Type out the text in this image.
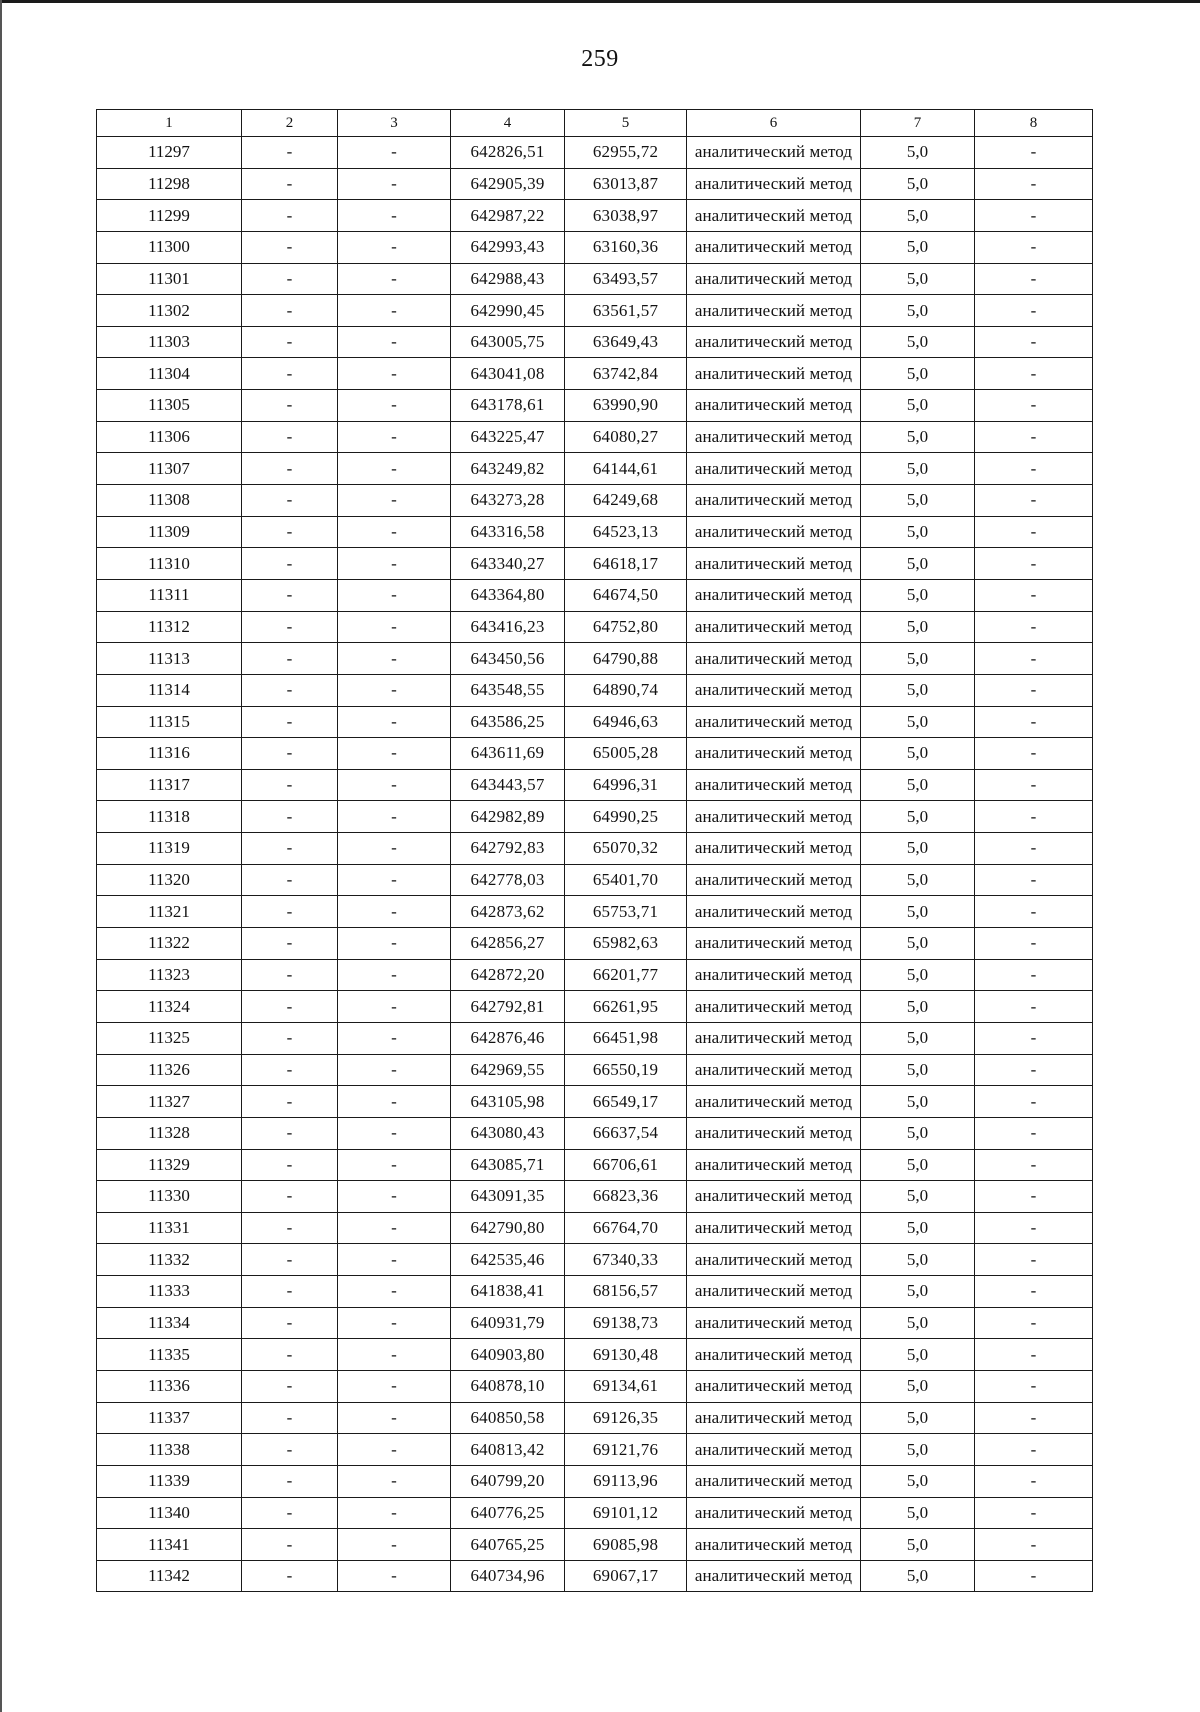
259
1	2	3	4	5	6	7	8
11297	-	-	642826,51	62955,72	аналитический метод	5,0	-
11298	-	-	642905,39	63013,87	аналитический метод	5,0	-
11299	-	-	642987,22	63038,97	аналитический метод	5,0	-
11300	-	-	642993,43	63160,36	аналитический метод	5,0	-
11301	-	-	642988,43	63493,57	аналитический метод	5,0	-
11302	-	-	642990,45	63561,57	аналитический метод	5,0	-
11303	-	-	643005,75	63649,43	аналитический метод	5,0	-
11304	-	-	643041,08	63742,84	аналитический метод	5,0	-
11305	-	-	643178,61	63990,90	аналитический метод	5,0	-
11306	-	-	643225,47	64080,27	аналитический метод	5,0	-
11307	-	-	643249,82	64144,61	аналитический метод	5,0	-
11308	-	-	643273,28	64249,68	аналитический метод	5,0	-
11309	-	-	643316,58	64523,13	аналитический метод	5,0	-
11310	-	-	643340,27	64618,17	аналитический метод	5,0	-
11311	-	-	643364,80	64674,50	аналитический метод	5,0	-
11312	-	-	643416,23	64752,80	аналитический метод	5,0	-
11313	-	-	643450,56	64790,88	аналитический метод	5,0	-
11314	-	-	643548,55	64890,74	аналитический метод	5,0	-
11315	-	-	643586,25	64946,63	аналитический метод	5,0	-
11316	-	-	643611,69	65005,28	аналитический метод	5,0	-
11317	-	-	643443,57	64996,31	аналитический метод	5,0	-
11318	-	-	642982,89	64990,25	аналитический метод	5,0	-
11319	-	-	642792,83	65070,32	аналитический метод	5,0	-
11320	-	-	642778,03	65401,70	аналитический метод	5,0	-
11321	-	-	642873,62	65753,71	аналитический метод	5,0	-
11322	-	-	642856,27	65982,63	аналитический метод	5,0	-
11323	-	-	642872,20	66201,77	аналитический метод	5,0	-
11324	-	-	642792,81	66261,95	аналитический метод	5,0	-
11325	-	-	642876,46	66451,98	аналитический метод	5,0	-
11326	-	-	642969,55	66550,19	аналитический метод	5,0	-
11327	-	-	643105,98	66549,17	аналитический метод	5,0	-
11328	-	-	643080,43	66637,54	аналитический метод	5,0	-
11329	-	-	643085,71	66706,61	аналитический метод	5,0	-
11330	-	-	643091,35	66823,36	аналитический метод	5,0	-
11331	-	-	642790,80	66764,70	аналитический метод	5,0	-
11332	-	-	642535,46	67340,33	аналитический метод	5,0	-
11333	-	-	641838,41	68156,57	аналитический метод	5,0	-
11334	-	-	640931,79	69138,73	аналитический метод	5,0	-
11335	-	-	640903,80	69130,48	аналитический метод	5,0	-
11336	-	-	640878,10	69134,61	аналитический метод	5,0	-
11337	-	-	640850,58	69126,35	аналитический метод	5,0	-
11338	-	-	640813,42	69121,76	аналитический метод	5,0	-
11339	-	-	640799,20	69113,96	аналитический метод	5,0	-
11340	-	-	640776,25	69101,12	аналитический метод	5,0	-
11341	-	-	640765,25	69085,98	аналитический метод	5,0	-
11342	-	-	640734,96	69067,17	аналитический метод	5,0	-
